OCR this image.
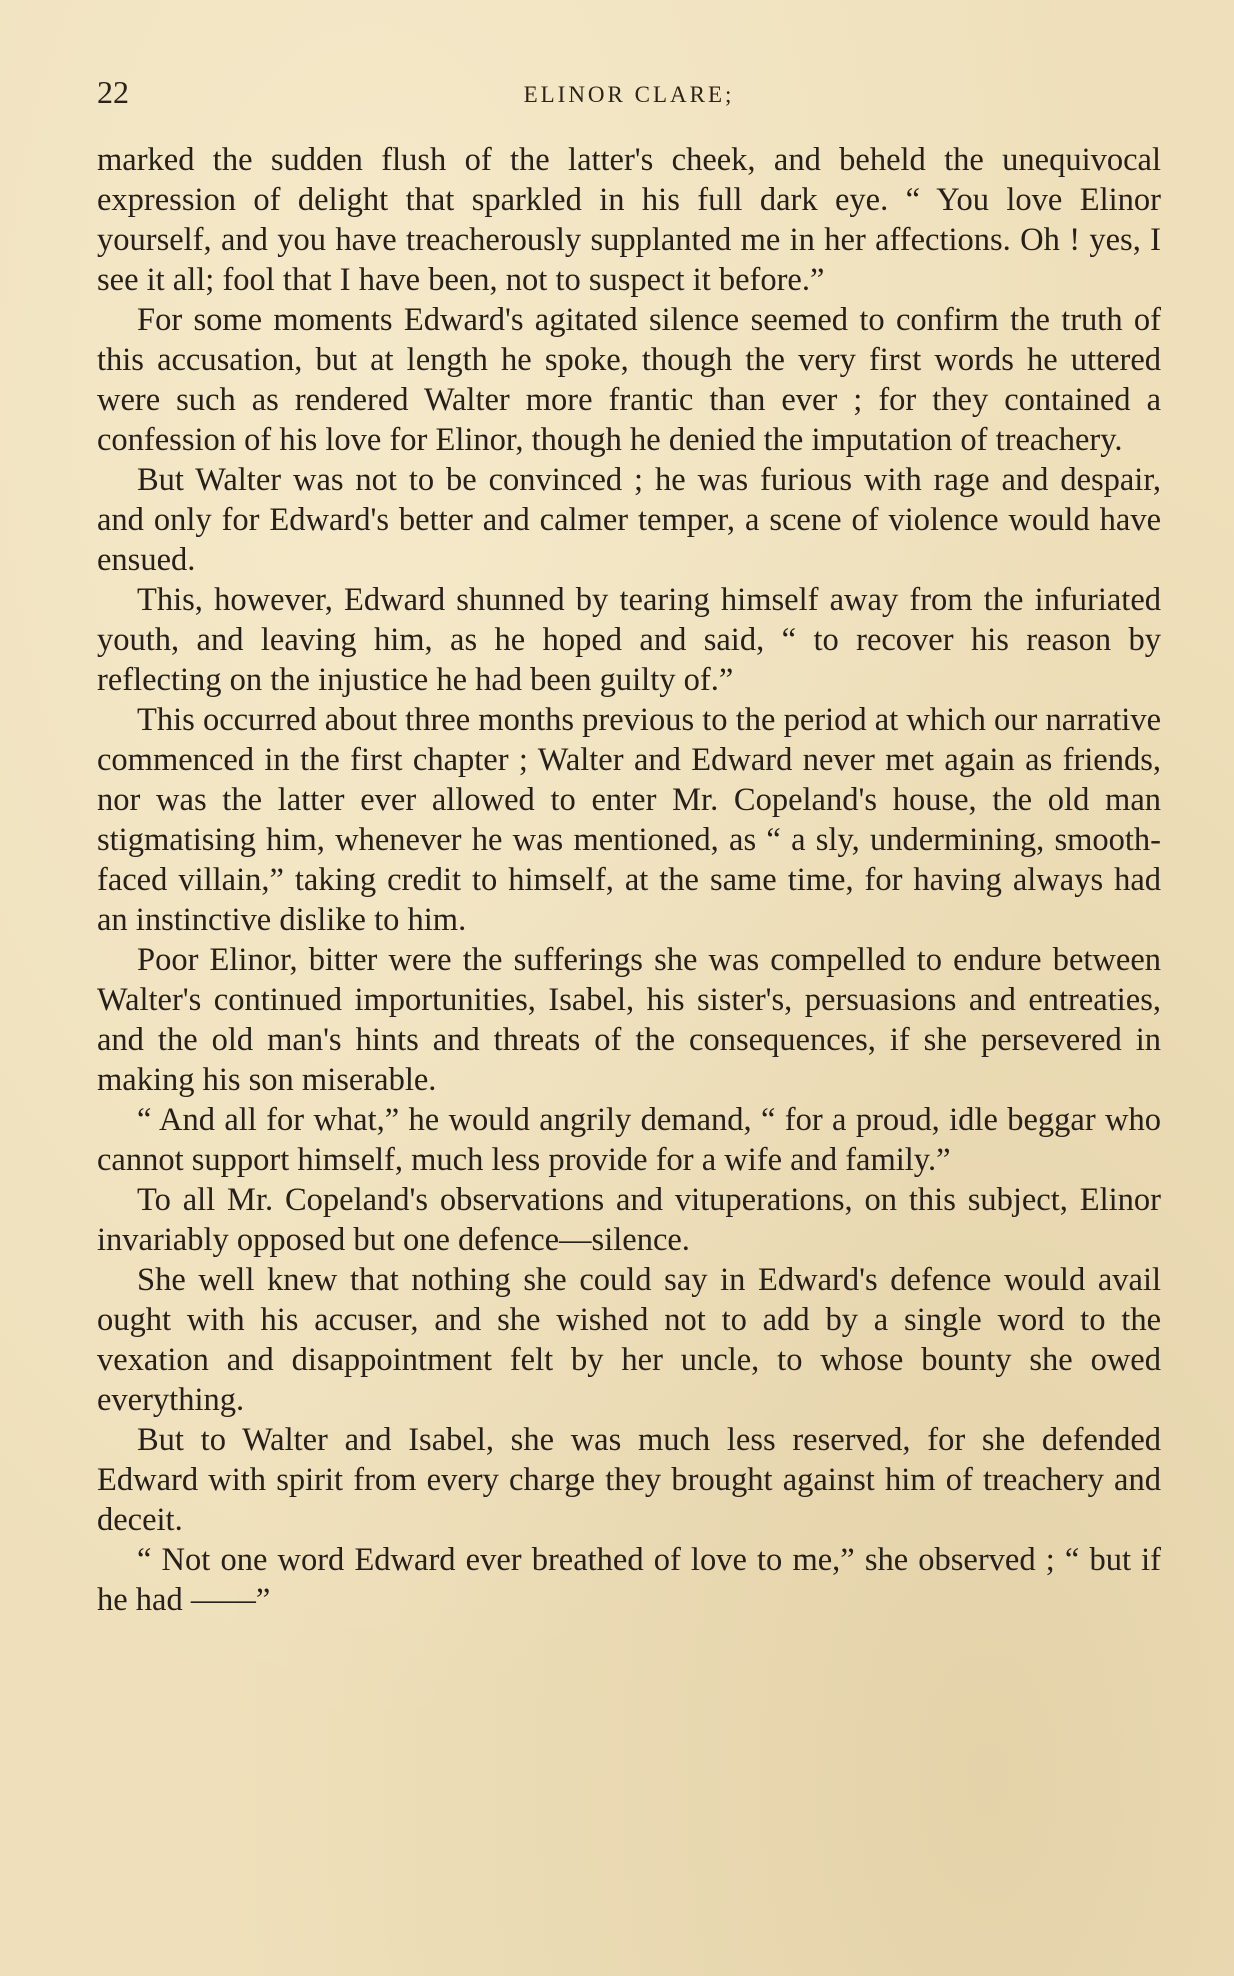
22	ELINOR CLARE;

marked the sudden flush of the latter's cheek, and beheld the unequivocal expression of delight that sparkled in his full dark eye. “ You love Elinor yourself, and you have treacherously supplanted me in her affections. Oh ! yes, I see it all; fool that I have been, not to suspect it before.”

For some moments Edward's agitated silence seemed to confirm the truth of this accusation, but at length he spoke, though the very first words he uttered were such as rendered Walter more frantic than ever ; for they contained a confession of his love for Elinor, though he denied the imputation of treachery.

But Walter was not to be convinced ; he was furious with rage and despair, and only for Edward's better and calmer temper, a scene of violence would have ensued.

This, however, Edward shunned by tearing himself away from the infuriated youth, and leaving him, as he hoped and said, “ to recover his reason by reflecting on the injustice he had been guilty of.”

This occurred about three months previous to the period at which our narrative commenced in the first chapter ; Walter and Edward never met again as friends, nor was the latter ever allowed to enter Mr. Copeland's house, the old man stigmatising him, whenever he was mentioned, as “ a sly, undermining, smooth-faced villain,” taking credit to himself, at the same time, for having always had an instinctive dislike to him.

Poor Elinor, bitter were the sufferings she was compelled to endure between Walter's continued importunities, Isabel, his sister's, persuasions and entreaties, and the old man's hints and threats of the consequences, if she persevered in making his son miserable.

“ And all for what,” he would angrily demand, “ for a proud, idle beggar who cannot support himself, much less provide for a wife and family.”

To all Mr. Copeland's observations and vituperations, on this subject, Elinor invariably opposed but one defence—silence.

She well knew that nothing she could say in Edward's defence would avail ought with his accuser, and she wished not to add by a single word to the vexation and disappointment felt by her uncle, to whose bounty she owed everything.

But to Walter and Isabel, she was much less reserved, for she defended Edward with spirit from every charge they brought against him of treachery and deceit.

“ Not one word Edward ever breathed of love to me,” she observed ; “ but if he had ——”
